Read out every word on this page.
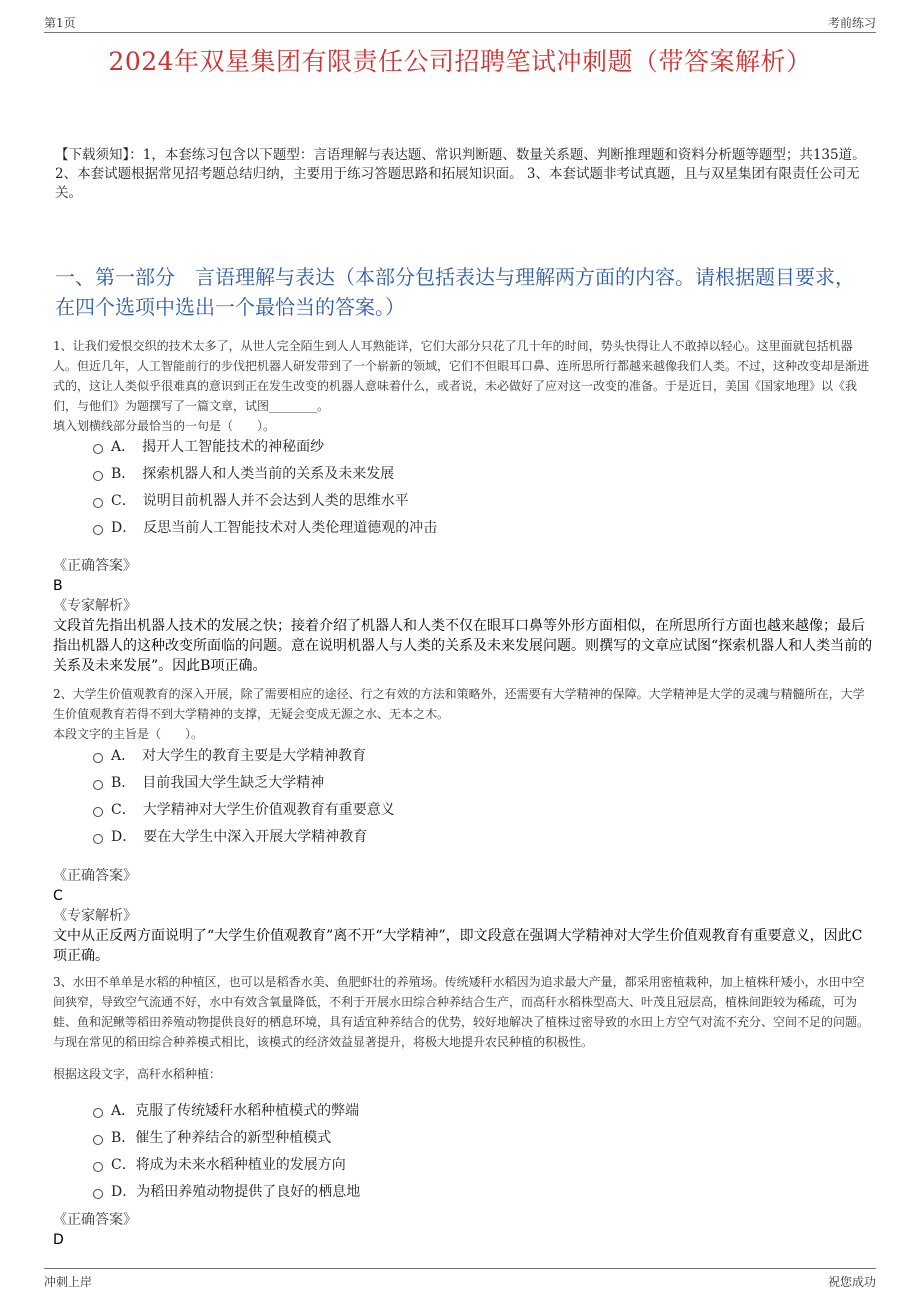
第1页	考前练习
2024年双星集团有限责任公司招聘笔试冲刺题（带答案解析）
【下载须知】：1，本套练习包含以下题型：言语理解与表达题、常识判断题、数量关系题、判断推理题和资料分析题等题型；共135道。 2、本套试题根据常见招考题总结归纳，主要用于练习答题思路和拓展知识面。 3、本套试题非考试真题，且与双星集团有限责任公司无关。
一、第一部分　言语理解与表达（本部分包括表达与理解两方面的内容。请根据题目要求，在四个选项中选出一个最恰当的答案。）
1、让我们爱恨交织的技术太多了，从世人完全陌生到人人耳熟能详，它们大部分只花了几十年的时间，势头快得让人不敢掉以轻心。这里面就包括机器人。但近几年，人工智能前行的步伐把机器人研发带到了一个崭新的领域，它们不但眼耳口鼻、连所思所行都越来越像我们人类。不过，这种改变却是渐进式的，这让人类似乎很难真的意识到正在发生改变的机器人意味着什么，或者说，未必做好了应对这一改变的准备。于是近日，美国《国家地理》以《我们，与他们》为题撰写了一篇文章，试图________。
填入划横线部分最恰当的一句是（　　）。
A．　揭开人工智能技术的神秘面纱
B．　探索机器人和人类当前的关系及未来发展
C．　说明目前机器人并不会达到人类的思维水平
D．　反思当前人工智能技术对人类伦理道德观的冲击
《正确答案》
B
《专家解析》
文段首先指出机器人技术的发展之快；接着介绍了机器人和人类不仅在眼耳口鼻等外形方面相似，在所思所行方面也越来越像；最后指出机器人的这种改变所面临的问题。意在说明机器人与人类的关系及未来发展问题。则撰写的文章应试图“探索机器人和人类当前的关系及未来发展”。因此B项正确。
2、大学生价值观教育的深入开展，除了需要相应的途径、行之有效的方法和策略外，还需要有大学精神的保障。大学精神是大学的灵魂与精髓所在，大学生价值观教育若得不到大学精神的支撑，无疑会变成无源之水、无本之木。
本段文字的主旨是（　　）。
A．　对大学生的教育主要是大学精神教育
B．　目前我国大学生缺乏大学精神
C．　大学精神对大学生价值观教育有重要意义
D．　要在大学生中深入开展大学精神教育
《正确答案》
C
《专家解析》
文中从正反两方面说明了“大学生价值观教育”离不开“大学精神”，即文段意在强调大学精神对大学生价值观教育有重要意义，因此C项正确。
3、水田不单单是水稻的种植区，也可以是稻香水美、鱼肥虾壮的养殖场。传统矮秆水稻因为追求最大产量，都采用密植栽种，加上植株秆矮小，水田中空间狭窄，导致空气流通不好，水中有效含氧量降低，不利于开展水田综合种养结合生产，而高秆水稻株型高大、叶茂且冠层高，植株间距较为稀疏，可为蛙、鱼和泥鳅等稻田养殖动物提供良好的栖息环境，具有适宜种养结合的优势，较好地解决了植株过密导致的水田上方空气对流不充分、空间不足的问题。与现在常见的稻田综合种养模式相比，该模式的经济效益显著提升，将极大地提升农民种植的积极性。
根据这段文字，高秆水稻种植：
A．克服了传统矮秆水稻种植模式的弊端
B．催生了种养结合的新型种植模式
C．将成为未来水稻种植业的发展方向
D．为稻田养殖动物提供了良好的栖息地
《正确答案》
D
冲刺上岸	祝您成功
